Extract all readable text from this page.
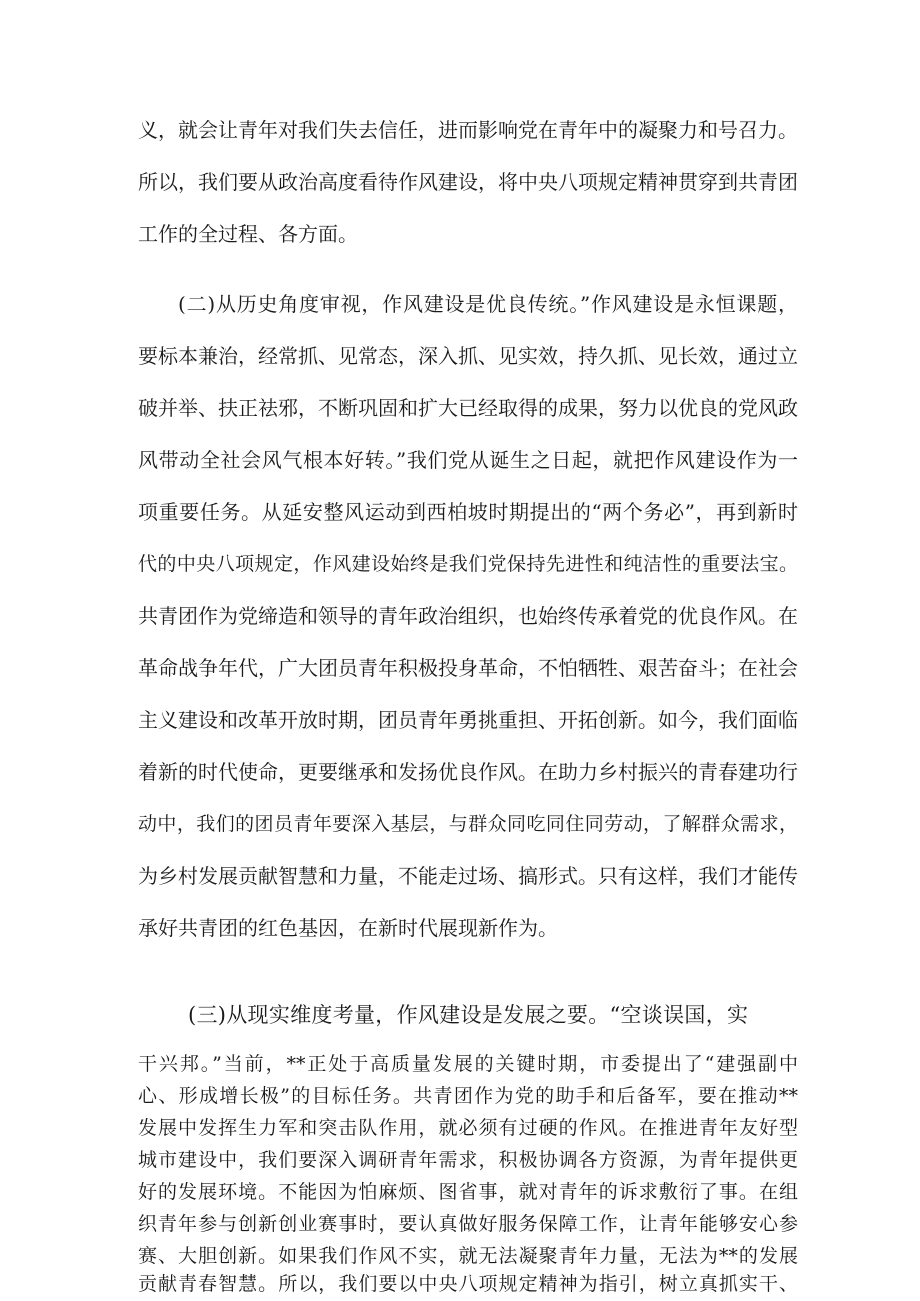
义，就会让青年对我们失去信任，进而影响党在青年中的凝聚力和号召力。

所以，我们要从政治高度看待作风建设，将中央八项规定精神贯穿到共青团

工作的全过程、各方面。

(二)从历史角度审视，作风建设是优良传统。”作风建设是永恒课题，

要标本兼治，经常抓、见常态，深入抓、见实效，持久抓、见长效，通过立

破并举、扶正祛邪，不断巩固和扩大已经取得的成果，努力以优良的党风政

风带动全社会风气根本好转。”我们党从诞生之日起，就把作风建设作为一

项重要任务。从延安整风运动到西柏坡时期提出的“两个务必”，再到新时

代的中央八项规定，作风建设始终是我们党保持先进性和纯洁性的重要法宝。

共青团作为党缔造和领导的青年政治组织，也始终传承着党的优良作风。在

革命战争年代，广大团员青年积极投身革命，不怕牺牲、艰苦奋斗；在社会

主义建设和改革开放时期，团员青年勇挑重担、开拓创新。如今，我们面临

着新的时代使命，更要继承和发扬优良作风。在助力乡村振兴的青春建功行

动中，我们的团员青年要深入基层，与群众同吃同住同劳动，了解群众需求，

为乡村发展贡献智慧和力量，不能走过场、搞形式。只有这样，我们才能传

承好共青团的红色基因，在新时代展现新作为。

(三)从现实维度考量，作风建设是发展之要。“空谈误国，实

干兴邦。”当前，**正处于高质量发展的关键时期，市委提出了“建强副中

心、形成增长极”的目标任务。共青团作为党的助手和后备军，要在推动**

发展中发挥生力军和突击队作用，就必须有过硬的作风。在推进青年友好型

城市建设中，我们要深入调研青年需求，积极协调各方资源，为青年提供更

好的发展环境。不能因为怕麻烦、图省事，就对青年的诉求敷衍了事。在组

织青年参与创新创业赛事时，要认真做好服务保障工作，让青年能够安心参

赛、大胆创新。如果我们作风不实，就无法凝聚青年力量，无法为**的发展

贡献青春智慧。所以，我们要以中央八项规定精神为指引，树立真抓实干、
